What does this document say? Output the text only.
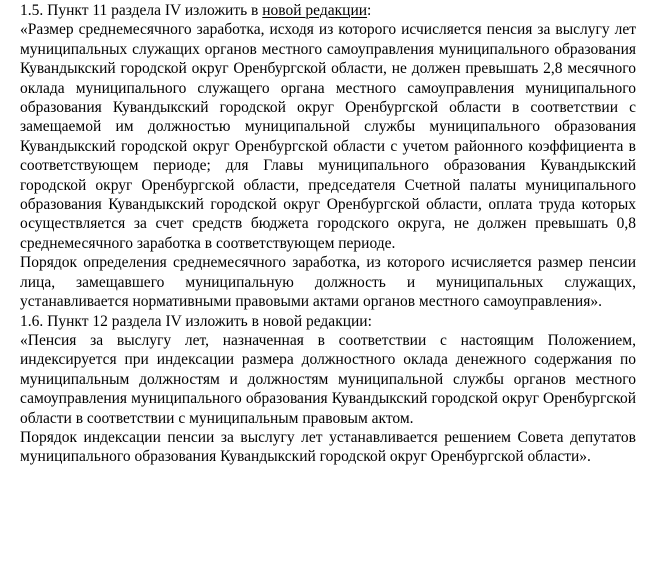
1.5. Пункт 11 раздела IV изложить в новой редакции:

«Размер среднемесячного заработка, исходя из которого исчисляется пенсия за выслугу лет муниципальных служащих органов местного самоуправления муниципального образования Кувандыкский городской округ Оренбургской области, не должен превышать 2,8 месячного оклада муниципального служащего органа местного самоуправления муниципального образования Кувандыкский городской округ Оренбургской области в соответствии с замещаемой им должностью муниципальной службы муниципального образования Кувандыкский городской округ Оренбургской области с учетом районного коэффициента в соответствующем периоде; для Главы муниципального образования Кувандыкский городской округ Оренбургской области, председателя Счетной палаты муниципального образования Кувандыкский городской округ Оренбургской области, оплата труда которых осуществляется за счет средств бюджета городского округа, не должен превышать 0,8 среднемесячного заработка в соответствующем периоде.

Порядок определения среднемесячного заработка, из которого исчисляется размер пенсии лица, замещавшего муниципальную должность и муниципальных служащих, устанавливается нормативными правовыми актами органов местного самоуправления».

1.6. Пункт 12 раздела IV изложить в новой редакции:

«Пенсия за выслугу лет, назначенная в соответствии с настоящим Положением, индексируется при индексации размера должностного оклада денежного содержания по муниципальным должностям и должностям муниципальной службы органов местного самоуправления муниципального образования Кувандыкский городской округ Оренбургской области в соответствии с муниципальным правовым актом.

Порядок индексации пенсии за выслугу лет устанавливается решением Совета депутатов муниципального образования Кувандыкский городской округ Оренбургской области».
